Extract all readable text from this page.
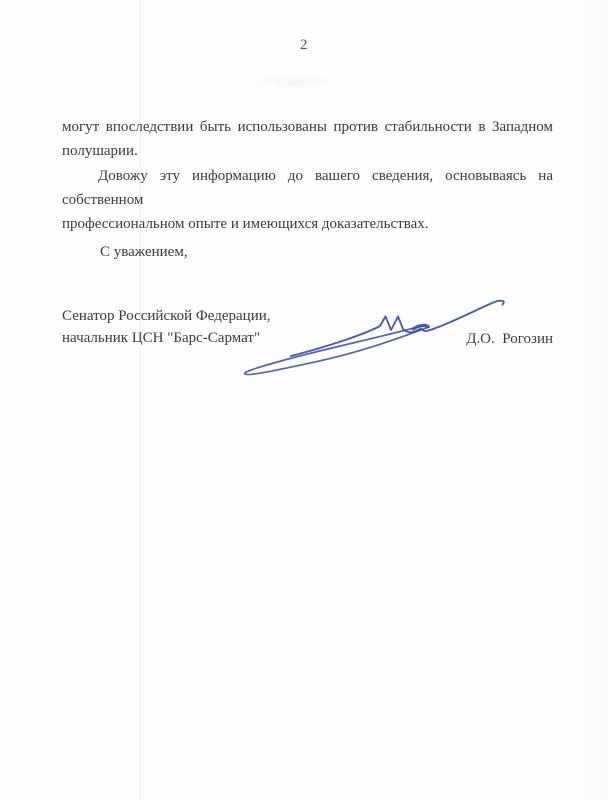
2
могут впоследствии быть использованы против стабильности в Западном
полушарии.
Довожу эту информацию до вашего сведения, основываясь на собственном
профессиональном опыте и имеющихся доказательствах.
С уважением,
Сенатор Российской Федерации,
начальник ЦСН "Барс-Сармат"	Д.О.  Рогозин
